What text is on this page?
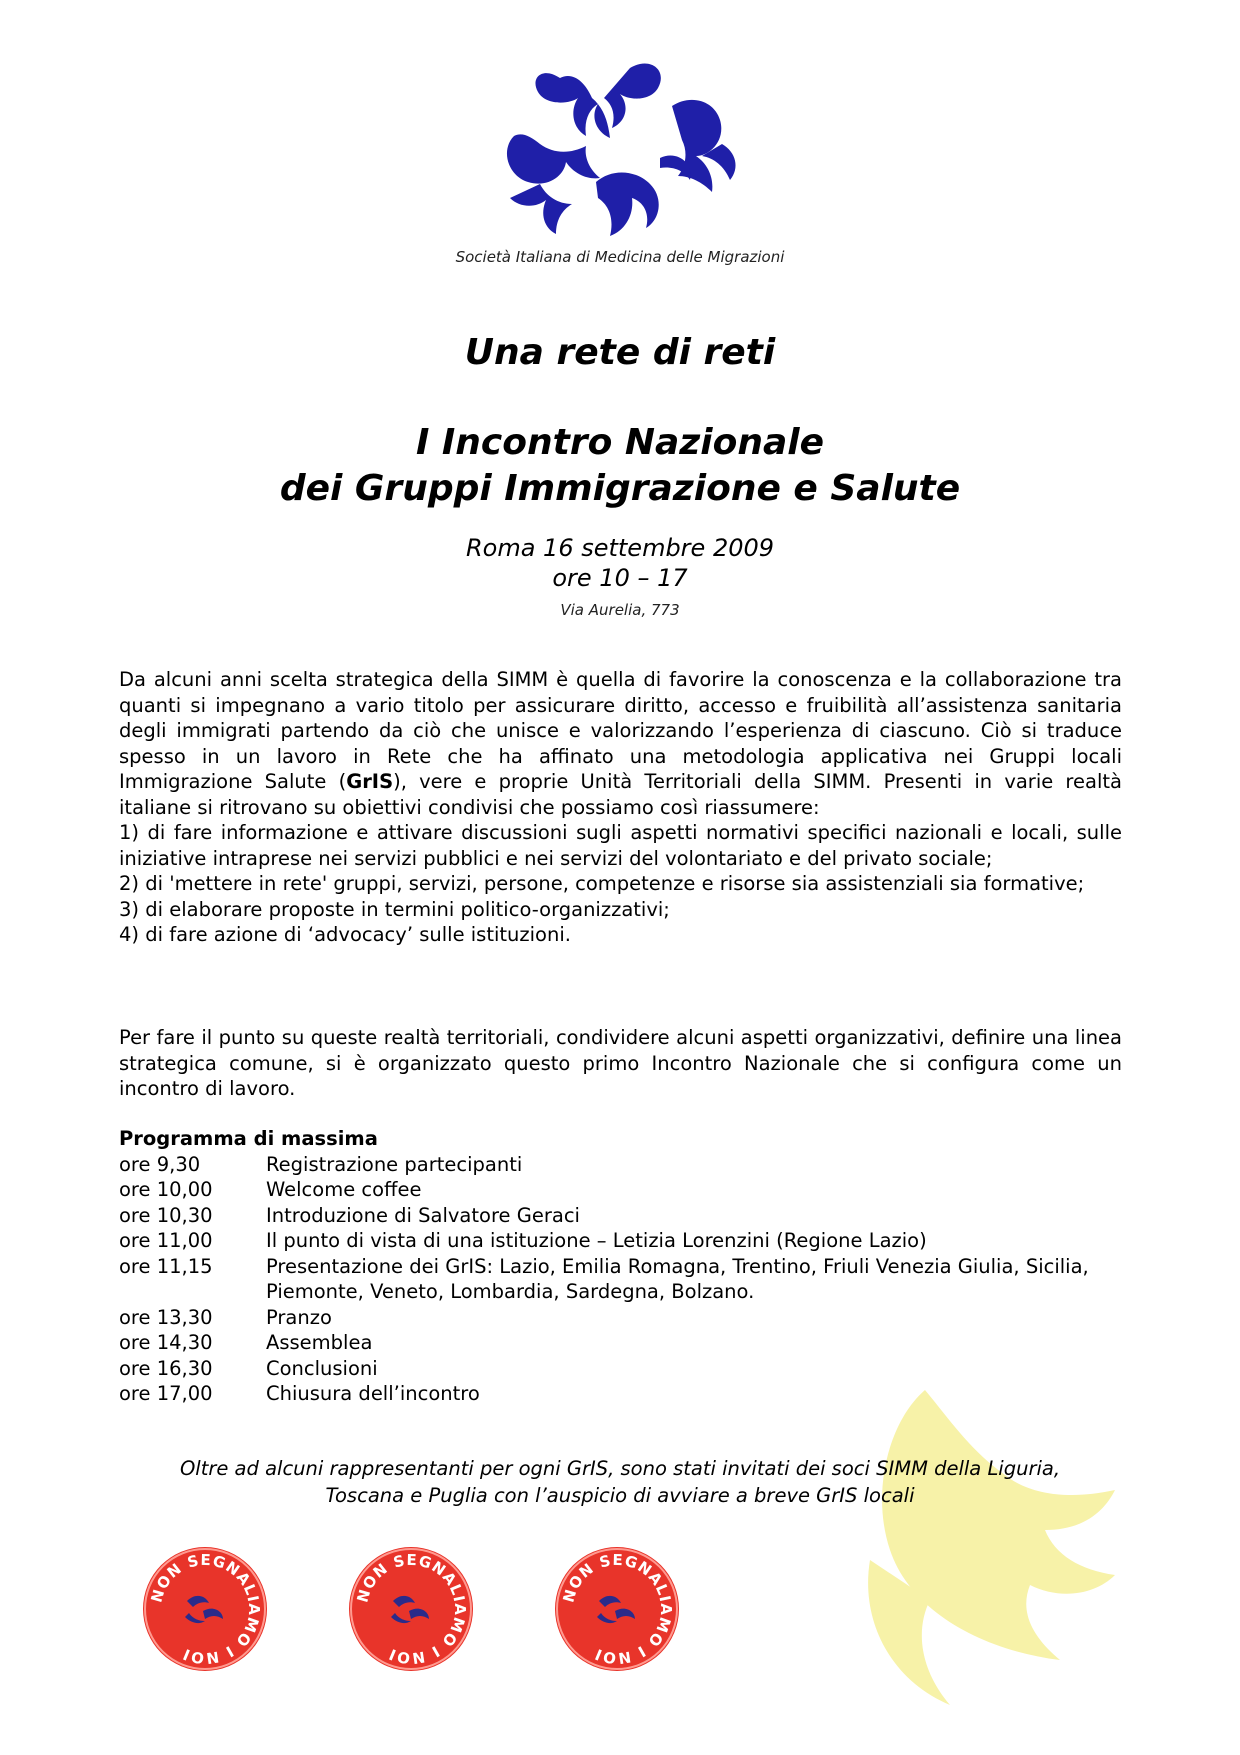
Società Italiana di Medicina delle Migrazioni
Una rete di reti
I Incontro Nazionale
dei Gruppi Immigrazione e Salute
Roma 16 settembre 2009
ore 10 – 17
Via Aurelia, 773

Da alcuni anni scelta strategica della SIMM è quella di favorire la conoscenza e la collaborazione tra quanti si impegnano a vario titolo per assicurare diritto, accesso e fruibilità all’assistenza sanitaria degli immigrati partendo da ciò che unisce e valorizzando l’esperienza di ciascuno. Ciò si traduce spesso in un lavoro in Rete che ha affinato una metodologia applicativa nei Gruppi locali Immigrazione Salute (GrIS), vere e proprie Unità Territoriali della SIMM. Presenti in varie realtà italiane si ritrovano su obiettivi condivisi che possiamo così riassumere:

1) di fare informazione e attivare discussioni sugli aspetti normativi specifici nazionali e locali, sulle iniziative intraprese nei servizi pubblici e nei servizi del volontariato e del privato sociale;

2) di 'mettere in rete' gruppi, servizi, persone, competenze e risorse sia assistenziali sia formative;

3) di elaborare proposte in termini politico-organizzativi;

4) di fare azione di ‘advocacy’ sulle istituzioni.

Per fare il punto su queste realtà territoriali, condividere alcuni aspetti organizzativi, definire una linea strategica comune, si è organizzato questo primo Incontro Nazionale che si configura come un incontro di lavoro.

Programma di massima
ore 9,30	Registrazione partecipanti
ore 10,00	Welcome coffee
ore 10,30	Introduzione di Salvatore Geraci
ore 11,00	Il punto di vista di una istituzione – Letizia Lorenzini (Regione Lazio)
ore 11,15	Presentazione dei GrIS: Lazio, Emilia Romagna, Trentino, Friuli Venezia Giulia, Sicilia, Piemonte, Veneto, Lombardia, Sardegna, Bolzano.
ore 13,30	Pranzo
ore 14,30	Assemblea
ore 16,30	Conclusioni
ore 17,00	Chiusura dell’incontro
Oltre ad alcuni rappresentanti per ogni GrIS, sono stati invitati dei soci SIMM della Liguria,
Toscana e Puglia con l’auspicio di avviare a breve GrIS locali
NON SEGNALIAMO I NOI
NON SEGNALIAMO I NOI
NON SEGNALIAMO I NOI
